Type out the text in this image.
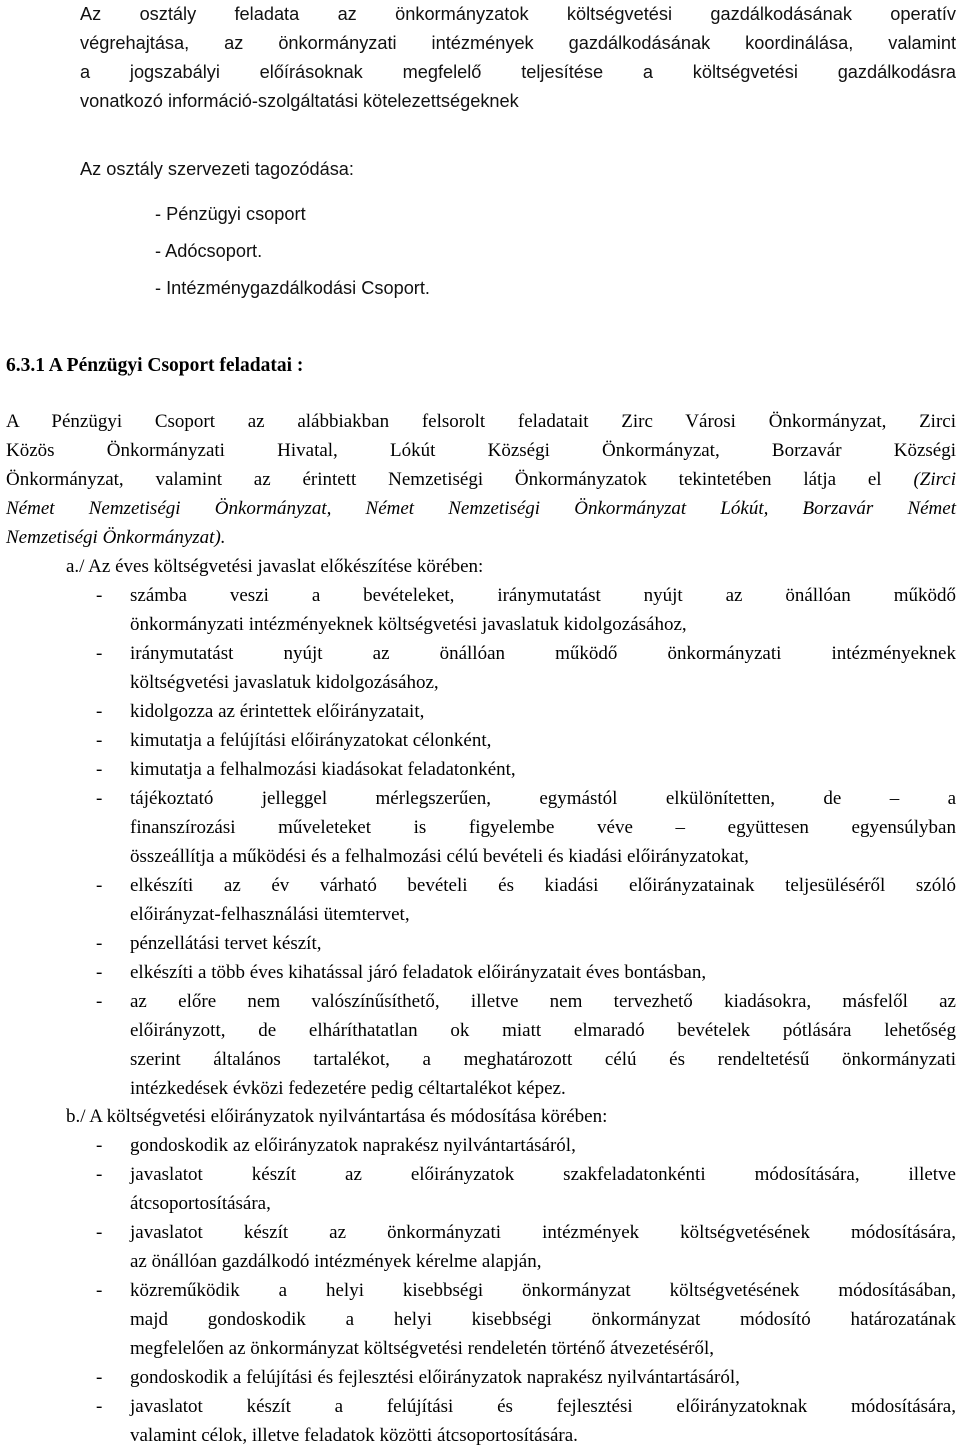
Az osztály feladata az önkormányzatok költségvetési gazdálkodásának operatív
végrehajtása, az önkormányzati intézmények gazdálkodásának koordinálása, valamint
a jogszabályi előírásoknak megfelelő teljesítése a költségvetési gazdálkodásra
vonatkozó információ-szolgáltatási kötelezettségeknek
Az osztály szervezeti tagozódása:
- Pénzügyi csoport
- Adócsoport.
- Intézménygazdálkodási Csoport.
6.3.1 A Pénzügyi Csoport feladatai :
A Pénzügyi Csoport az alábbiakban felsorolt feladatait Zirc Városi Önkormányzat, Zirci
Közös Önkormányzati Hivatal, Lókút Községi Önkormányzat, Borzavár Községi
Önkormányzat, valamint az érintett Nemzetiségi Önkormányzatok tekintetében látja el (Zirci
Német Nemzetiségi Önkormányzat, Német Nemzetiségi Önkormányzat Lókút, Borzavár Német
Nemzetiségi Önkormányzat).
a./ Az éves költségvetési javaslat előkészítése körében:
-	számba veszi a bevételeket, iránymutatást nyújt az önállóan működő
önkormányzati intézményeknek költségvetési javaslatuk kidolgozásához,
-	iránymutatást nyújt az önállóan működő önkormányzati intézményeknek
költségvetési javaslatuk kidolgozásához,
-	kidolgozza az érintettek előirányzatait,
-	kimutatja a felújítási előirányzatokat célonként,
-	kimutatja a felhalmozási kiadásokat feladatonként,
-	tájékoztató jelleggel mérlegszerűen, egymástól elkülönítetten, de – a
finanszírozási műveleteket is figyelembe véve – együttesen egyensúlyban
összeállítja a működési és a felhalmozási célú bevételi és kiadási előirányzatokat,
-	elkészíti az év várható bevételi és kiadási előirányzatainak teljesüléséről szóló
előirányzat-felhasználási ütemtervet,
-	pénzellátási tervet készít,
-	elkészíti a több éves kihatással járó feladatok előirányzatait éves bontásban,
-	az előre nem valószínűsíthető, illetve nem tervezhető kiadásokra, másfelől az
előirányzott, de elháríthatatlan ok miatt elmaradó bevételek pótlására lehetőség
szerint általános tartalékot, a meghatározott célú és rendeltetésű önkormányzati
intézkedések évközi fedezetére pedig céltartalékot képez.
b./ A költségvetési előirányzatok nyilvántartása és módosítása körében:
-	gondoskodik az előirányzatok naprakész nyilvántartásáról,
-	javaslatot készít az előirányzatok szakfeladatonkénti módosítására, illetve
átcsoportosítására,
-	javaslatot készít az önkormányzati intézmények költségvetésének módosítására,
az önállóan gazdálkodó intézmények kérelme alapján,
-	közreműködik a helyi kisebbségi önkormányzat költségvetésének módosításában,
majd gondoskodik a helyi kisebbségi önkormányzat módosító határozatának
megfelelően az önkormányzat költségvetési rendeletén történő átvezetéséről,
-	gondoskodik a felújítási és fejlesztési előirányzatok naprakész nyilvántartásáról,
-	javaslatot készít a felújítási és fejlesztési előirányzatoknak módosítására,
valamint célok, illetve feladatok közötti átcsoportosítására.
